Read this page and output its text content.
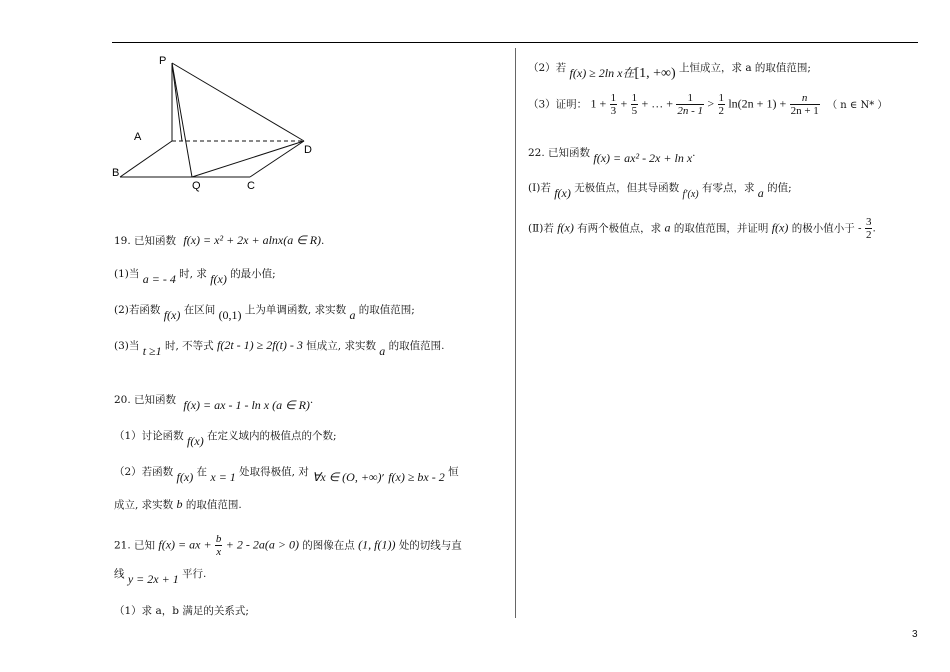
P
A
B
Q	C
D
19. 已知函数 f(x) = x² + 2x + alnx(a ∈ R).
(1)当 a = - 4 时, 求 f(x) 的最小值;
(2)若函数 f(x) 在区间 (0,1) 上为单调函数, 求实数 a 的取值范围;
(3)当 t ≥1 时, 不等式 f(2t - 1) ≥ 2f(t) - 3 恒成立, 求实数 a 的取值范围.
20. 已知函数 f(x) = ax - 1 - ln x (a ∈ R).
（1）讨论函数 f(x) 在定义域内的极值点的个数;
（2）若函数 f(x) 在 x = 1 处取得极值, 对 ∀x ∈ (O, +∞), f(x) ≥ bx - 2 恒
成立, 求实数 b 的取值范围.
21. 已知 f(x) = ax + $\frac{b}{x} + 2 - 2a(a > 0)$ 的图像在点 (1, f(1)) 处的切线与直
线 y = 2x + 1 平行.
（1）求 a，b 满足的关系式;
（2）若 f(x) ≥ 2ln x在[1, +∞) 上恒成立，求 a 的取值范围;
（3）证明： $1 + \frac{1}{3} + \frac{1}{5}$ + … + $\frac{1}{2n - 1} > \frac{1}{2} \ln(2n + 1) + \frac{n}{2n + 1}$ （ n ∈ N* ）
22. 已知函数 f(x) = ax² - 2x + ln x.
(Ⅰ)若 f(x) 无极值点，但其导函数 f′(x) 有零点，求 a 的值;
(Ⅱ)若 f(x) 有两个极值点，求 a 的取值范围，并证明 f(x) 的极小值小于 - $\frac{3}{2}$ .
3
